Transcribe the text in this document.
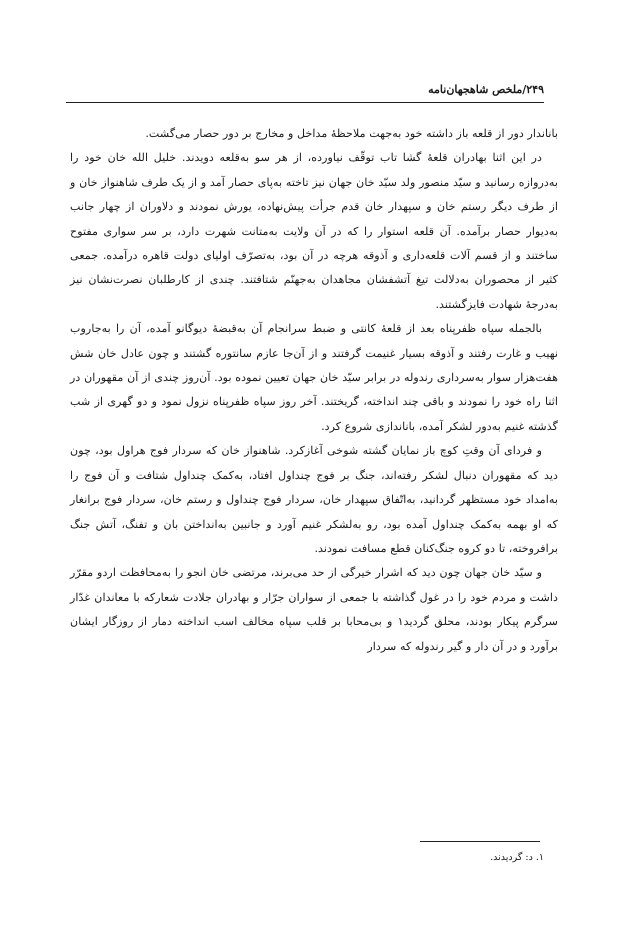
۲۴۹/ملخص شاهجهان‌نامه

باناندار دور از قلعه باز داشته خود به‌جهت ملاحظهٔ مداخل و مخارج بر دور حصار می‌گشت.

در این اثنا بهادران قلعهٔ گشا تاب توقّف نیاورده، از هر سو به‌قلعه دویدند. خلیل الله خان خود را به‌دروازه رسانید و سیّد منصور ولد سیّد خان جهان نیز تاخته به‌پای حصار آمد و از یک طرف شاهنواز خان و از طرف دیگر رستم خان و سپهدار خان قدم جرأت پیش‌نهاده، یورش نمودند و دلاوران از چهار جانب به‌دیوار حصار برآمده. آن قلعه استوار را که در آن ولایت به‌متانت شهرت دارد، بر سر سواری مفتوح ساختند و از قسم آلات قلعه‌داری و آذوقه هرچه در آن بود، به‌تصرّف اولیای دولت قاهره درآمده. جمعی کثیر از محصوران به‌دلالت تیغ آتشفشان مجاهدان به‌جهنّم شتافتند. چندی از کارطلبان نصرت‌نشان نیز به‌درجهٔ شهادت فایزگشتند.

بالجمله سپاه ظفرپناه بعد از قلعهٔ کانتی و ضبط سرانجام آن به‌قبضهٔ دیوگانو آمده، آن را به‌جاروب نهیب و غارت رفتند و آذوقه بسیار غنیمت گرفتند و از آن‌جا عازم سانتوره گشتند و چون عادل خان شش هفت‌هزار سوار به‌سرداری رندوله در برابر سیّد خان جهان تعیین نموده بود. آن‌روز چندی از آن مقهوران در اثنا راه خود را نمودند و باقی چند انداخته، گریختند. آخر روز سپاه ظفرپناه نزول نمود و دو گهری از شب گذشته غنیم به‌دور لشکر آمده، باناندازی شروع کرد.

و فردای آن وقتِ کوچ باز نمایان گشته شوخی آغازکرد. شاهنواز خان که سردار فوج هراول بود، چون دید که مقهوران دنبال لشکر رفته‌اند، جنگ بر فوج چنداول افتاد، به‌کمک چنداول شتافت و آن فوج را به‌امداد خود مستظهر گردانید، به‌اتّفاق سپهدار خان، سردار فوج چنداول و رستم خان، سردار فوج برانغار که او بهمه به‌کمک چنداول آمده بود، رو به‌لشکر غنیم آورد و جانبین به‌انداختن بان و تفنگ، آتش جنگ برافروخته، تا دو کروه جنگ‌کنان قطع مسافت نمودند.

و سیّد خان جهان چون دید که اشرار خیرگی از حد می‌برند، مرتضی خان انجو را به‌محافظت اردو مقرّر داشت و مردم خود را در غول گذاشته با جمعی از سواران جرّار و بهادران جلادت شعارکه با معاندان غدّار سرگرم پیکار بودند، محلق گردید۱ و بی‌محابا بر قلب سپاه مخالف اسب انداخته دمار از روزگار ایشان برآورد و در آن دار و گیر رندوله که سردار

۱. د: گردیدند.
